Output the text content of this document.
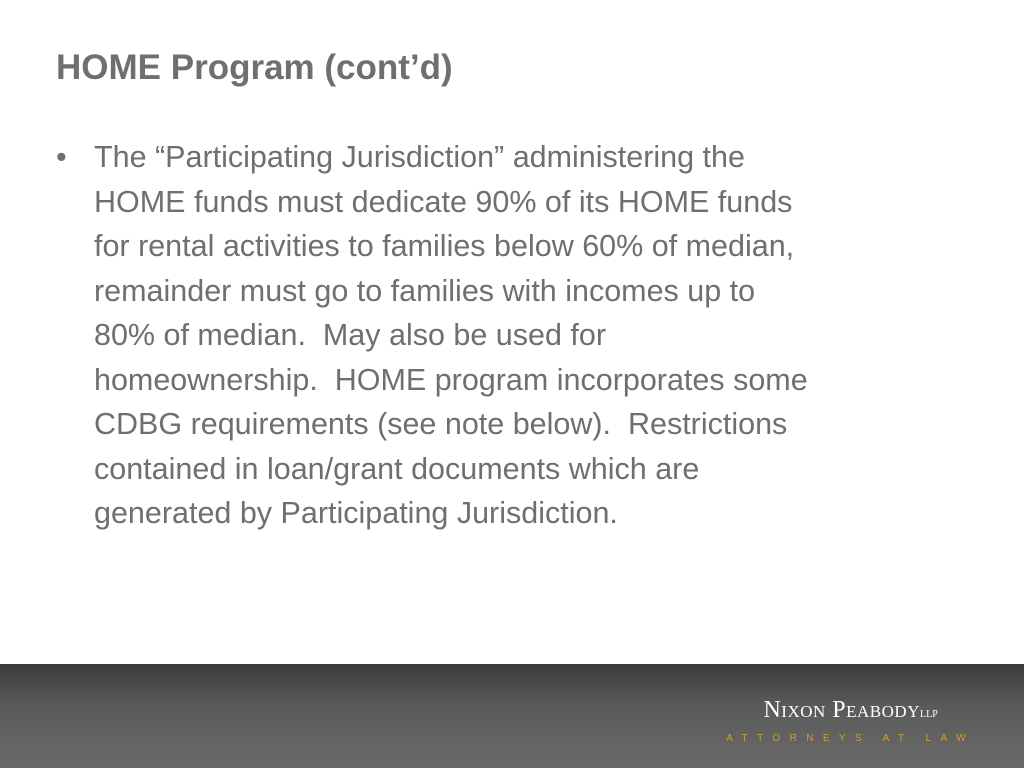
HOME Program (cont’d)
• The “Participating Jurisdiction” administering the
HOME funds must dedicate 90% of its HOME funds
for rental activities to families below 60% of median,
remainder must go to families with incomes up to
80% of median.  May also be used for
homeownership.  HOME program incorporates some
CDBG requirements (see note below).  Restrictions
contained in loan/grant documents which are
generated by Participating Jurisdiction.
Nixon PeabodyLLP
ATTORNEYS AT LAW
